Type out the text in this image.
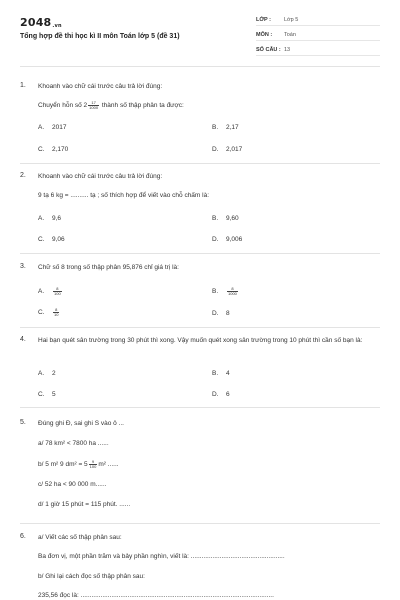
2048.vn
Tổng hợp đề thi học kì II môn Toán lớp 5 (đề 31)
LỚP : Lớp 5
MÔN : Toán
SỐ CÂU : 13
1. Khoanh vào chữ cái trước câu trả lời đúng:
Chuyển hỗn số $2 \frac{17}{1000}$ thành số thập phân ta được:
A. 2017	B. 2,17
C. 2,170	D. 2,017
2. Khoanh vào chữ cái trước câu trả lời đúng:
9 tạ 6 kg = .......... tạ ; số thích hợp để viết vào chỗ chấm là:
A. 9,6	B. 9,60
C. 9,06	D. 9,006
3. Chữ số 8 trong số thập phân 95,876 chỉ giá trị là:
A. $\frac{8}{100}$	B. $\frac{8}{1000}$
C. $\frac{8}{10}$	D. 8
4. Hai bạn quét sân trường trong 30 phút thì xong. Vậy muốn quét xong sân trường trong 10 phút thì cần số bạn là:
A. 2	B. 4
C. 5	D. 6
5. Đúng ghi Đ, sai ghi S vào ô ...
a/ 78 km² < 7800 ha ......
b/ 5 m² 9 $dm^2 = 5 \frac{9}{100} m^2$ ......
c/ 52 ha < 90 000 m......
d/ 1 giờ 15 phút = 115 phút. ......
6. a/ Viết các số thập phân sau:
Ba đơn vị, một phần trăm và bảy phần nghìn, viết là: ....................................................
b/ Ghi lại cách đọc số thập phân sau:
235,56 đọc là: ...........................................................................................................
